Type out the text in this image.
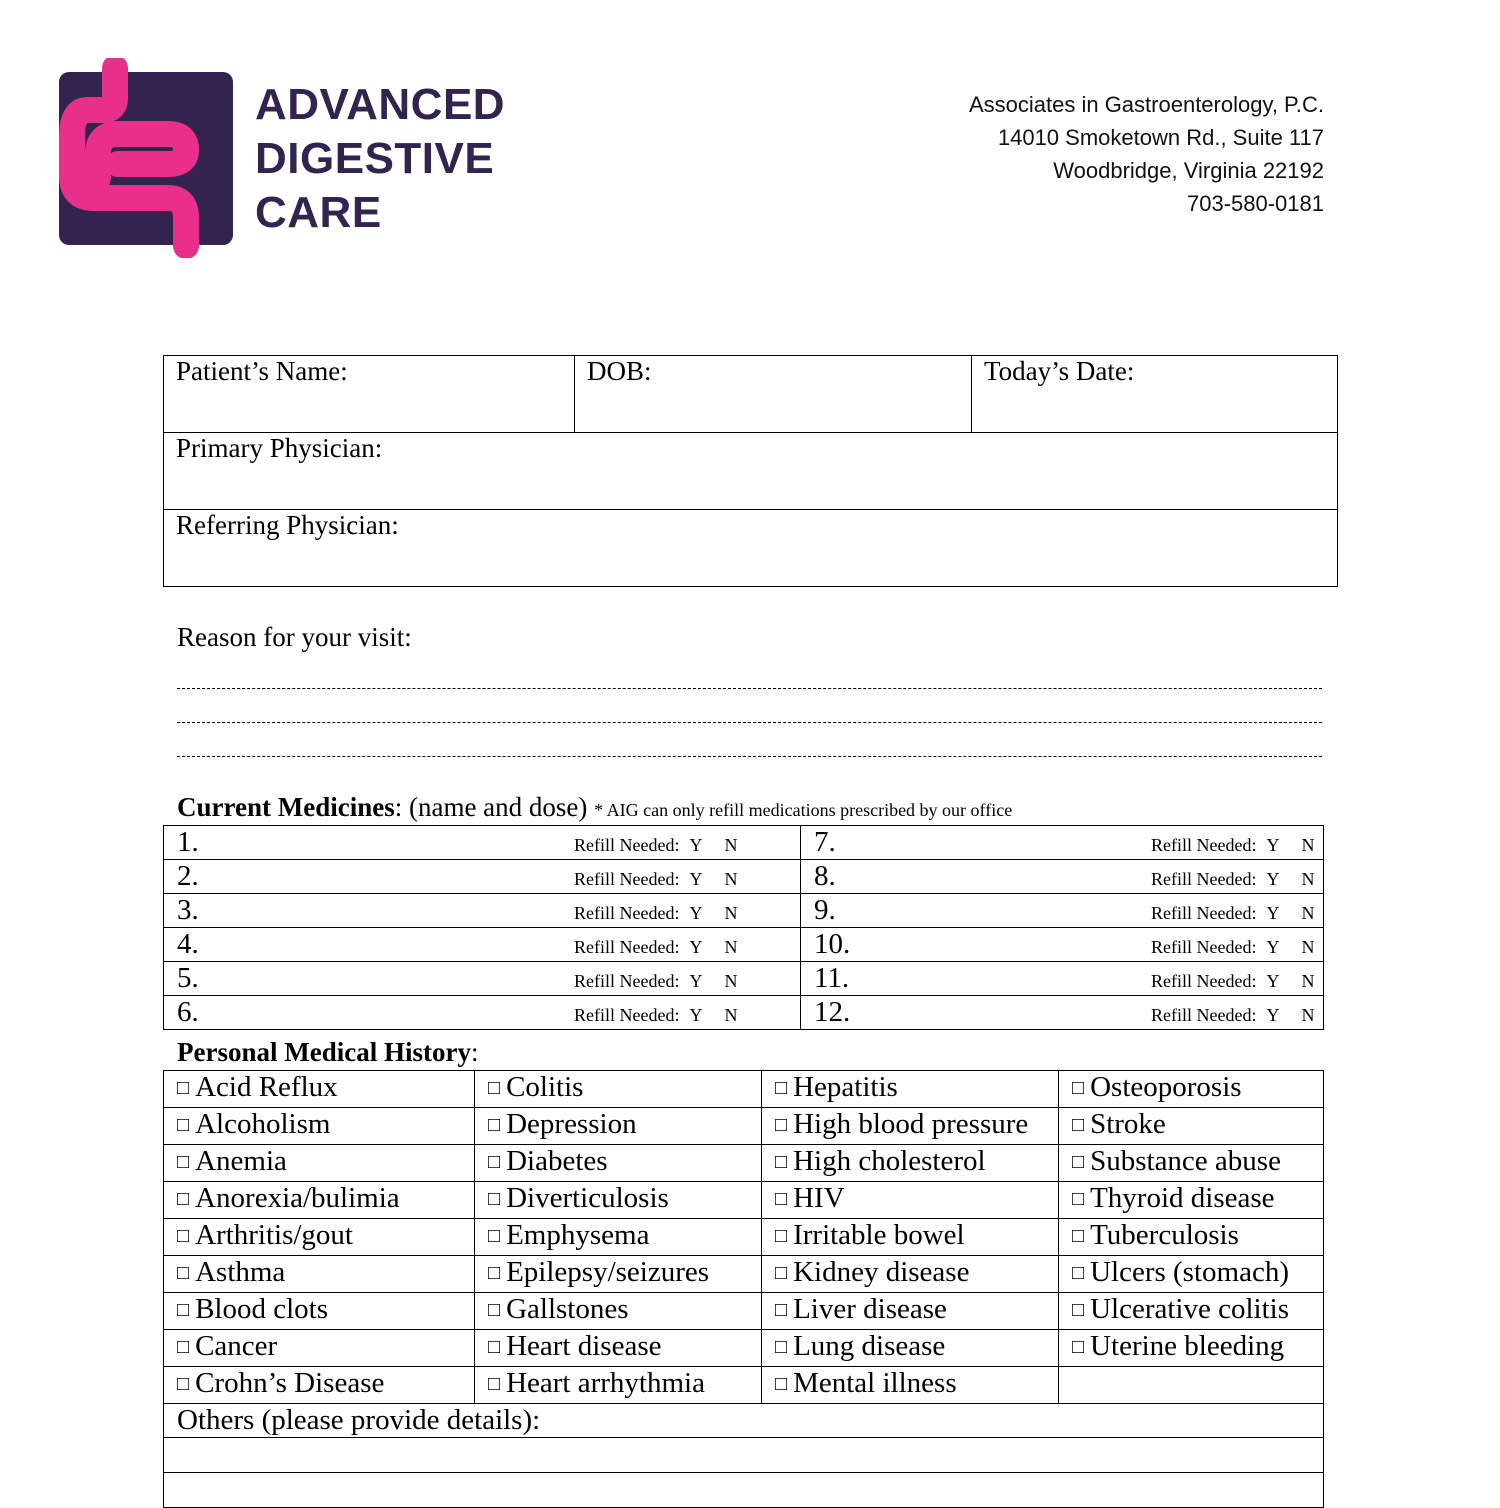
ADVANCED
DIGESTIVE
CARE
Associates in Gastroenterology, P.C.
14010 Smoketown Rd., Suite 117
Woodbridge, Virginia 22192
703-580-0181
Patient’s Name:	DOB:	Today’s Date:
Primary Physician:
Referring Physician:
Reason for your visit:
Current Medicines: (name and dose) * AIG can only refill medications prescribed by our office
1. Refill Needed: Y N	7. Refill Needed: Y N

2. Refill Needed: Y N	8. Refill Needed: Y N

3. Refill Needed: Y N	9. Refill Needed: Y N

4. Refill Needed: Y N	10. Refill Needed: Y N

5. Refill Needed: Y N	11. Refill Needed: Y N

6. Refill Needed: Y N	12. Refill Needed: Y N
Personal Medical History:
□ Acid Reflux	□ Colitis	□ Hepatitis	□ Osteoporosis
□ Alcoholism	□ Depression	□ High blood pressure	□ Stroke
□ Anemia	□ Diabetes	□ High cholesterol	□ Substance abuse
□ Anorexia/bulimia	□ Diverticulosis	□ HIV	□ Thyroid disease
□ Arthritis/gout	□ Emphysema	□ Irritable bowel	□ Tuberculosis
□ Asthma	□ Epilepsy/seizures	□ Kidney disease	□ Ulcers (stomach)
□ Blood clots	□ Gallstones	□ Liver disease	□ Ulcerative colitis
□ Cancer	□ Heart disease	□ Lung disease	□ Uterine bleeding
□ Crohn’s Disease	□ Heart arrhythmia	□ Mental illness	
Others (please provide details):			
